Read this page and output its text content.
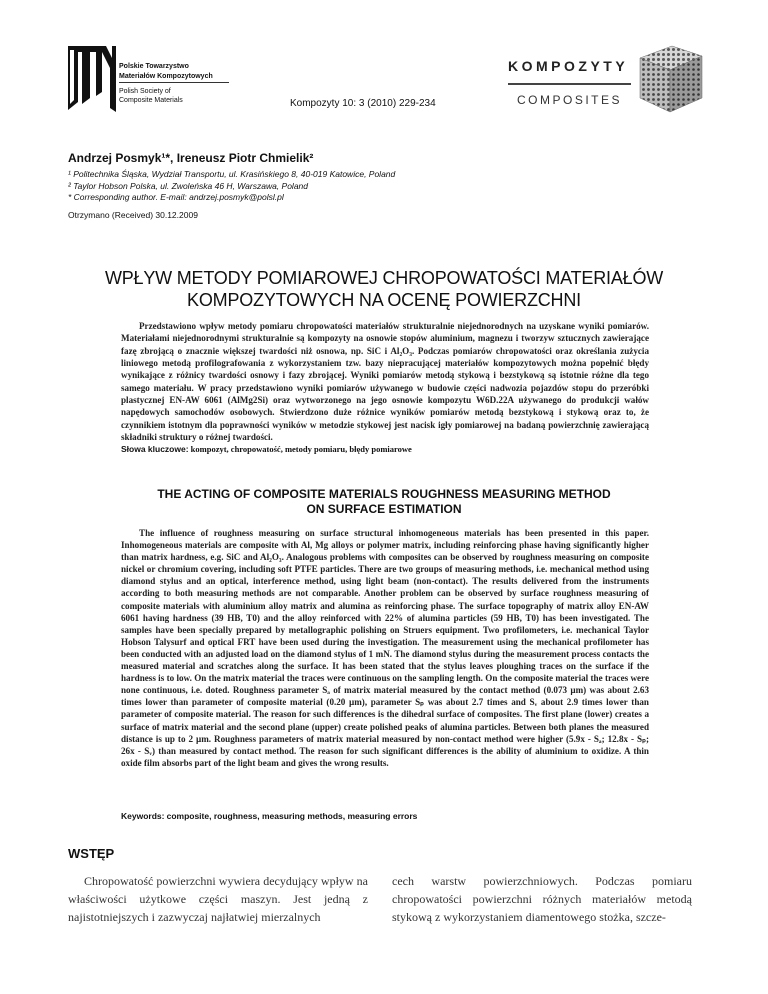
Polskie Towarzystwo
Materiałów Kompozytowych
Polish Society of
Composite Materials	Kompozyty 10: 3 (2010) 229-234
KOMPOZYTY
COMPOSITES
Andrzej Posmyk¹*, Ireneusz Piotr Chmielik²
¹ Politechnika Śląska, Wydział Transportu, ul. Krasińskiego 8, 40-019 Katowice, Poland
² Taylor Hobson Polska, ul. Zwoleńska 46 H, Warszawa, Poland
* Corresponding author. E-mail: andrzej.posmyk@polsl.pl
Otrzymano (Received) 30.12.2009
WPŁYW METODY POMIAROWEJ CHROPOWATOŚCI MATERIAŁÓW
KOMPOZYTOWYCH NA OCENĘ POWIERZCHNI
Przedstawiono wpływ metody pomiaru chropowatości materiałów strukturalnie niejednorodnych na uzyskane wyniki pomiarów. Materiałami niejednorodnymi strukturalnie są kompozyty na osnowie stopów aluminium, magnezu i tworzyw sztucznych zawierające fazę zbrojącą o znacznie większej twardości niż osnowa, np. SiC i Al₂O₃. Podczas pomiarów chropowatości oraz określania zużycia liniowego metodą profilografowania z wykorzystaniem tzw. bazy niepracującej materiałów kompozytowych można popełnić błędy wynikające z różnicy twardości osnowy i fazy zbrojącej. Wyniki pomiarów metodą stykową i bezstykową są istotnie różne dla tego samego materiału. W pracy przedstawiono wyniki pomiarów używanego w budowie części nadwozia pojazdów stopu do przeróbki plastycznej EN-AW 6061 (AlMg2Si) oraz wytworzonego na jego osnowie kompozytu W6D.22A używanego do produkcji wałów napędowych samochodów osobowych. Stwierdzono duże różnice wyników pomiarów metodą bezstykową i stykową oraz to, że czynnikiem istotnym dla poprawności wyników w metodzie stykowej jest nacisk igły pomiarowej na badaną powierzchnię zawierającą składniki struktury o różnej twardości.
Słowa kluczowe: kompozyt, chropowatość, metody pomiaru, błędy pomiarowe
THE ACTING OF COMPOSITE MATERIALS ROUGHNESS MEASURING METHOD
ON SURFACE ESTIMATION
The influence of roughness measuring on surface structural inhomogeneous materials has been presented in this paper. Inhomogeneous materials are composite with Al, Mg alloys or polymer matrix, including reinforcing phase having significantly higher than matrix hardness, e.g. SiC and Al₂O₃. Analogous problems with composites can be observed by roughness measuring on composite nickel or chromium covering, including soft PTFE particles. There are two groups of measuring methods, i.e. mechanical method using diamond stylus and an optical, interference method, using light beam (non-contact). The results delivered from the instruments according to both measuring methods are not comparable. Another problem can be observed by surface roughness measuring of composite materials with aluminium alloy matrix and alumina as reinforcing phase. The surface topography of matrix alloy EN-AW 6061 having hardness (39 HB, T0) and the alloy reinforced with 22% of alumina particles (59 HB, T0) has been investigated. The samples have been specially prepared by metallographic polishing on Struers equipment. Two profilometers, i.e. mechanical Taylor Hobson Talysurf and optical FRT have been used during the investigation. The measurement using the mechanical profilometer has been conducted with an adjusted load on the diamond stylus of 1 mN. The diamond stylus during the measurement process contacts the measured material and scratches along the surface. It has been stated that the stylus leaves ploughing traces on the surface if the hardness is to low. On the matrix material the traces were continuous on the sampling length. On the composite material the traces were none continuous, i.e. doted. Roughness parameter Sₐ of matrix material measured by the contact method (0.073 µm) was about 2.63 times lower than parameter of composite material (0.20 µm), parameter Sₚ was about 2.7 times and Sᵥ about 2.9 times lower than parameter of composite material. The reason for such differences is the dihedral surface of composites. The first plane (lower) creates a surface of matrix material and the second plane (upper) create polished peaks of alumina particles. Between both planes the measured distance is up to 2 µm. Roughness parameters of matrix material measured by non-contact method were higher (5.9x - Sₐ; 12.8x - Sₚ; 26x - Sᵥ) than measured by contact method. The reason for such significant differences is the ability of aluminium to oxidize. A thin oxide film absorbs part of the light beam and gives the wrong results.
Keywords: composite, roughness, measuring methods, measuring errors
WSTĘP
Chropowatość powierzchni wywiera decydujący wpływ na właściwości użytkowe części maszyn. Jest jedną z najistotniejszych i zazwyczaj najłatwiej mierzalnych
cech warstw powierzchniowych. Podczas pomiaru chropowatości powierzchni różnych materiałów metodą stykową z wykorzystaniem diamentowego stożka, szcze-
